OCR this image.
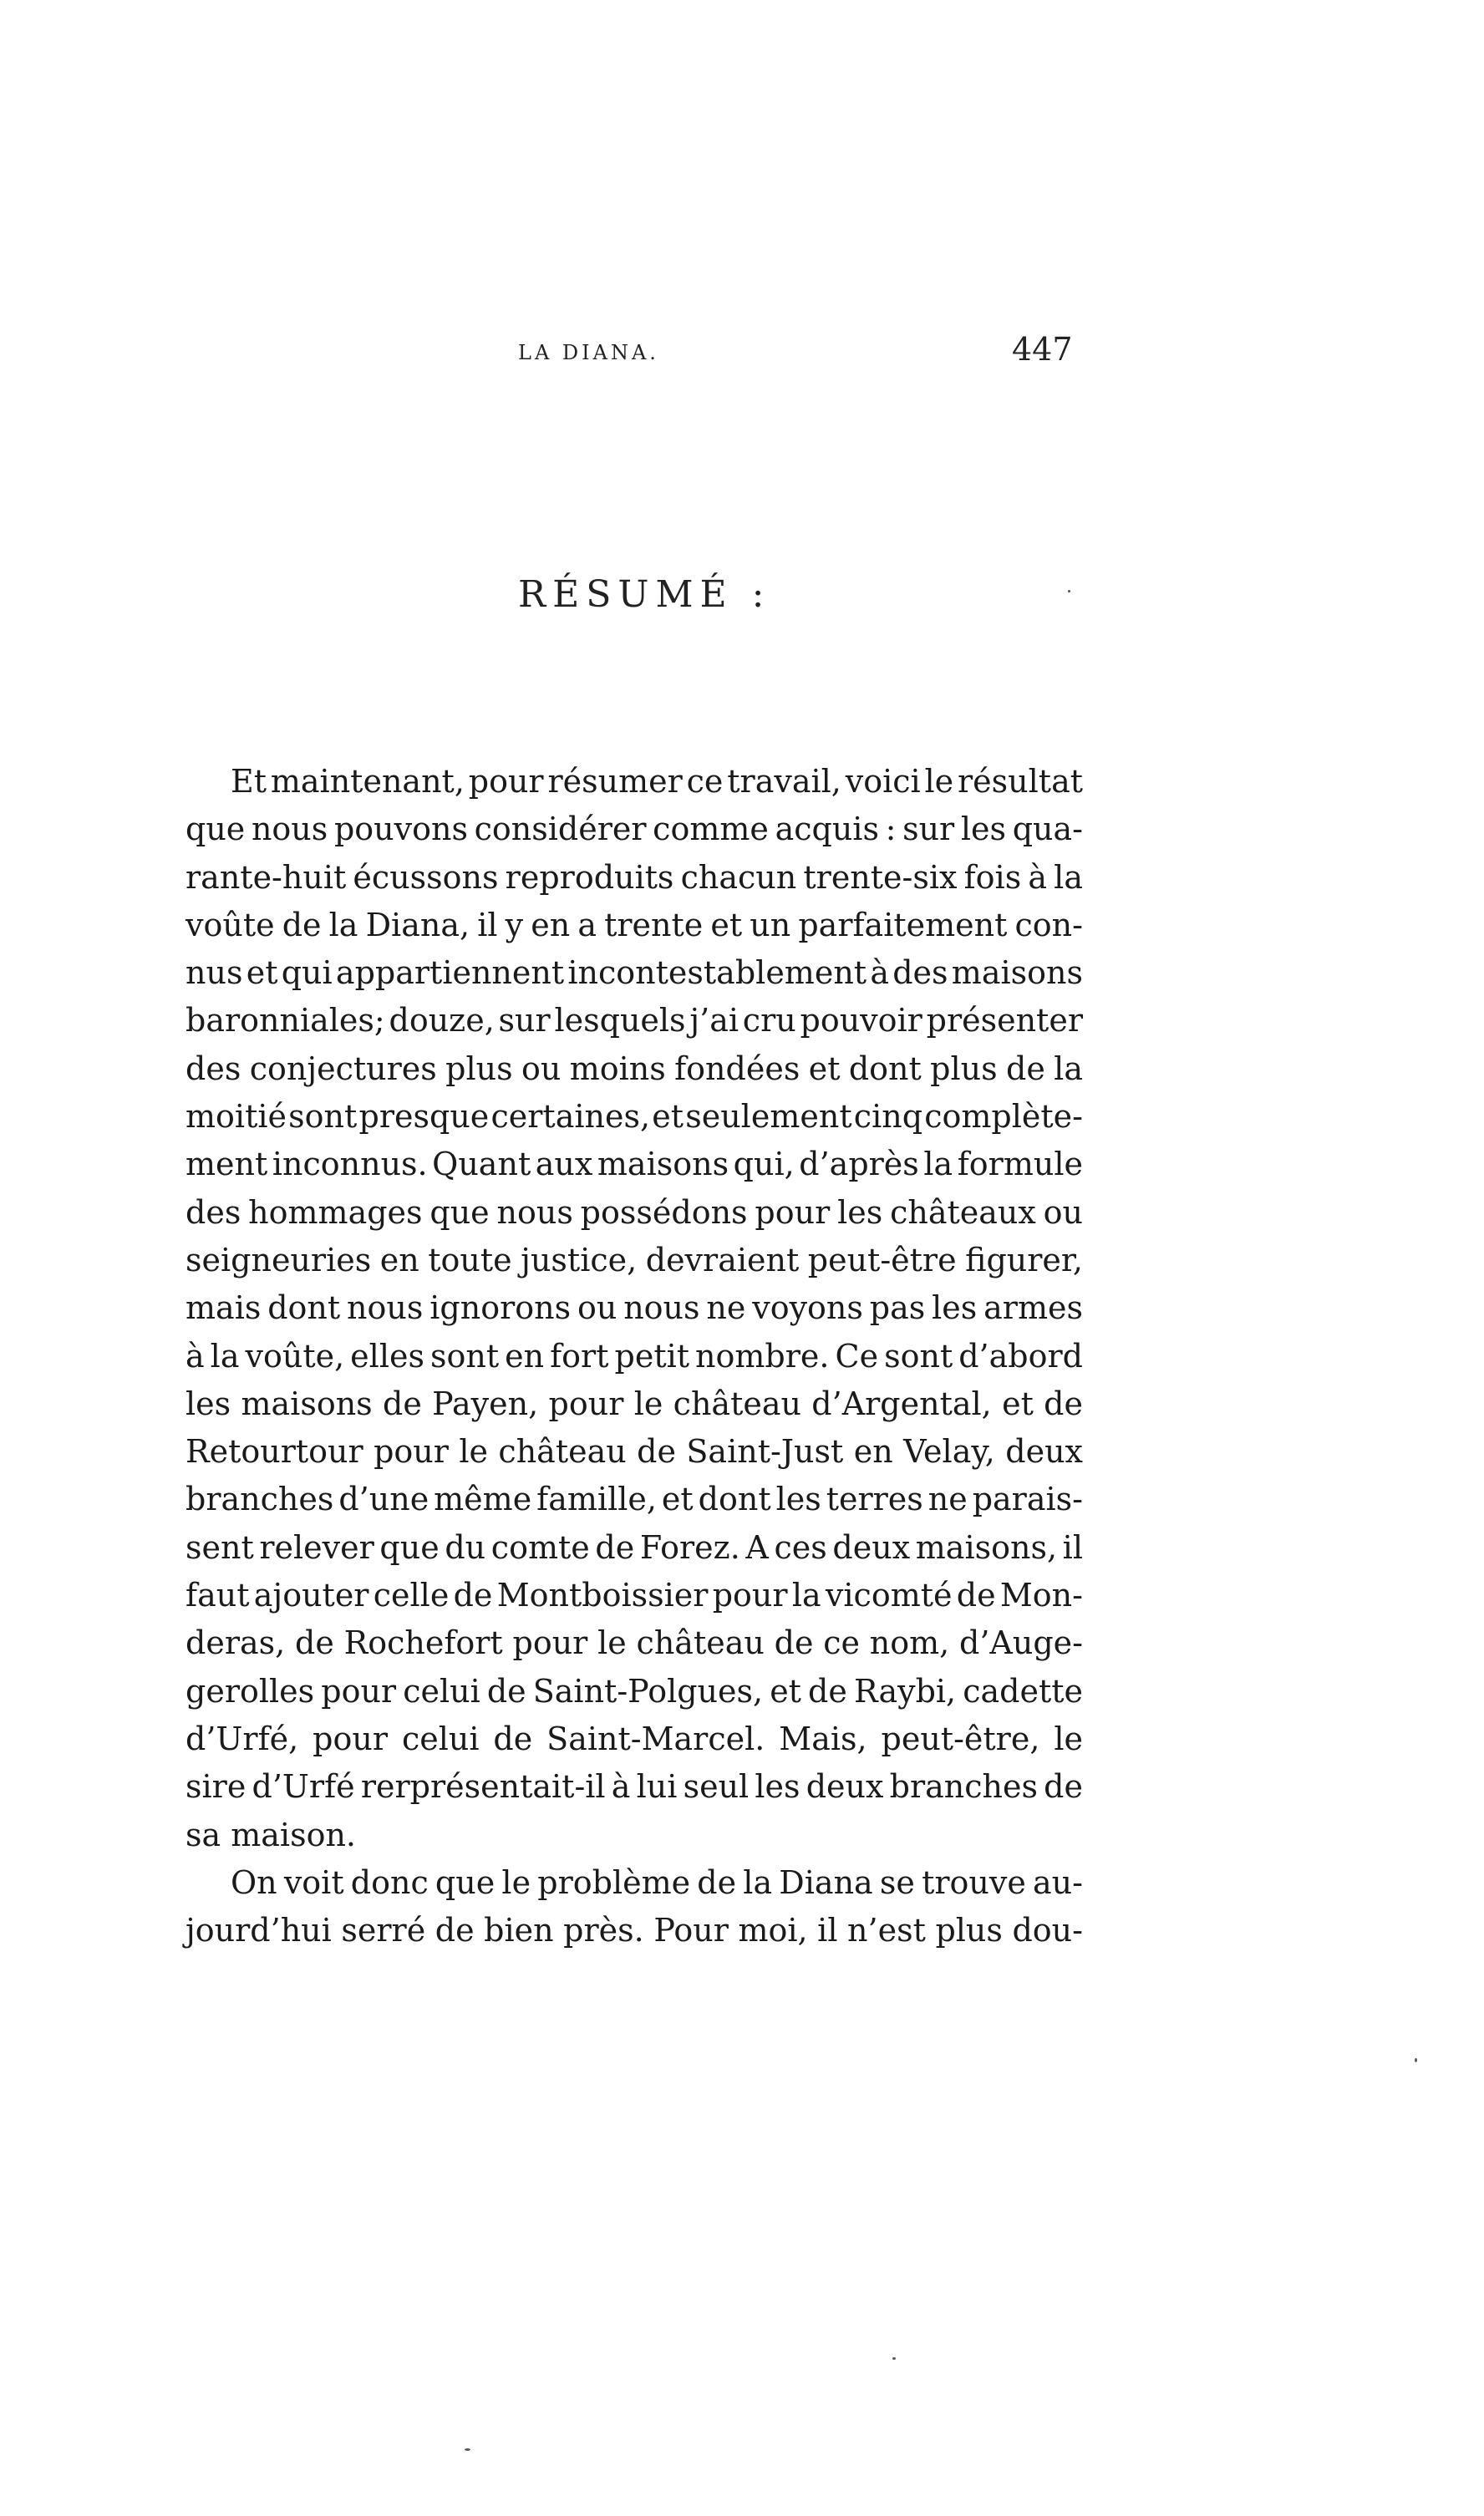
LA DIANA.	447
RÉSUMÉ :
Et maintenant, pour résumer ce travail, voici le résultat
que nous pouvons considérer comme acquis : sur les qua-
rante-huit écussons reproduits chacun trente-six fois à la
voûte de la Diana, il y en a trente et un parfaitement con-
nus et qui appartiennent incontestablement à des maisons
baronniales; douze, sur lesquels j’ai cru pouvoir présenter
des conjectures plus ou moins fondées et dont plus de la
moitié sont presque certaines, et seulement cinq complète-
ment inconnus. Quant aux maisons qui, d’après la formule
des hommages que nous possédons pour les châteaux ou
seigneuries en toute justice, devraient peut-être figurer,
mais dont nous ignorons ou nous ne voyons pas les armes
à la voûte, elles sont en fort petit nombre. Ce sont d’abord
les maisons de Payen, pour le château d’Argental, et de
Retourtour pour le château de Saint-Just en Velay, deux
branches d’une même famille, et dont les terres ne parais-
sent relever que du comte de Forez. A ces deux maisons, il
faut ajouter celle de Montboissier pour la vicomté de Mon-
deras, de Rochefort pour le château de ce nom, d’Auge-
gerolles pour celui de Saint-Polgues, et de Raybi, cadette
d’Urfé, pour celui de Saint-Marcel. Mais, peut-être, le
sire d’Urfé rerprésentait-il à lui seul les deux branches de
sa maison.
On voit donc que le problème de la Diana se trouve au-
jourd’hui serré de bien près. Pour moi, il n’est plus dou-
